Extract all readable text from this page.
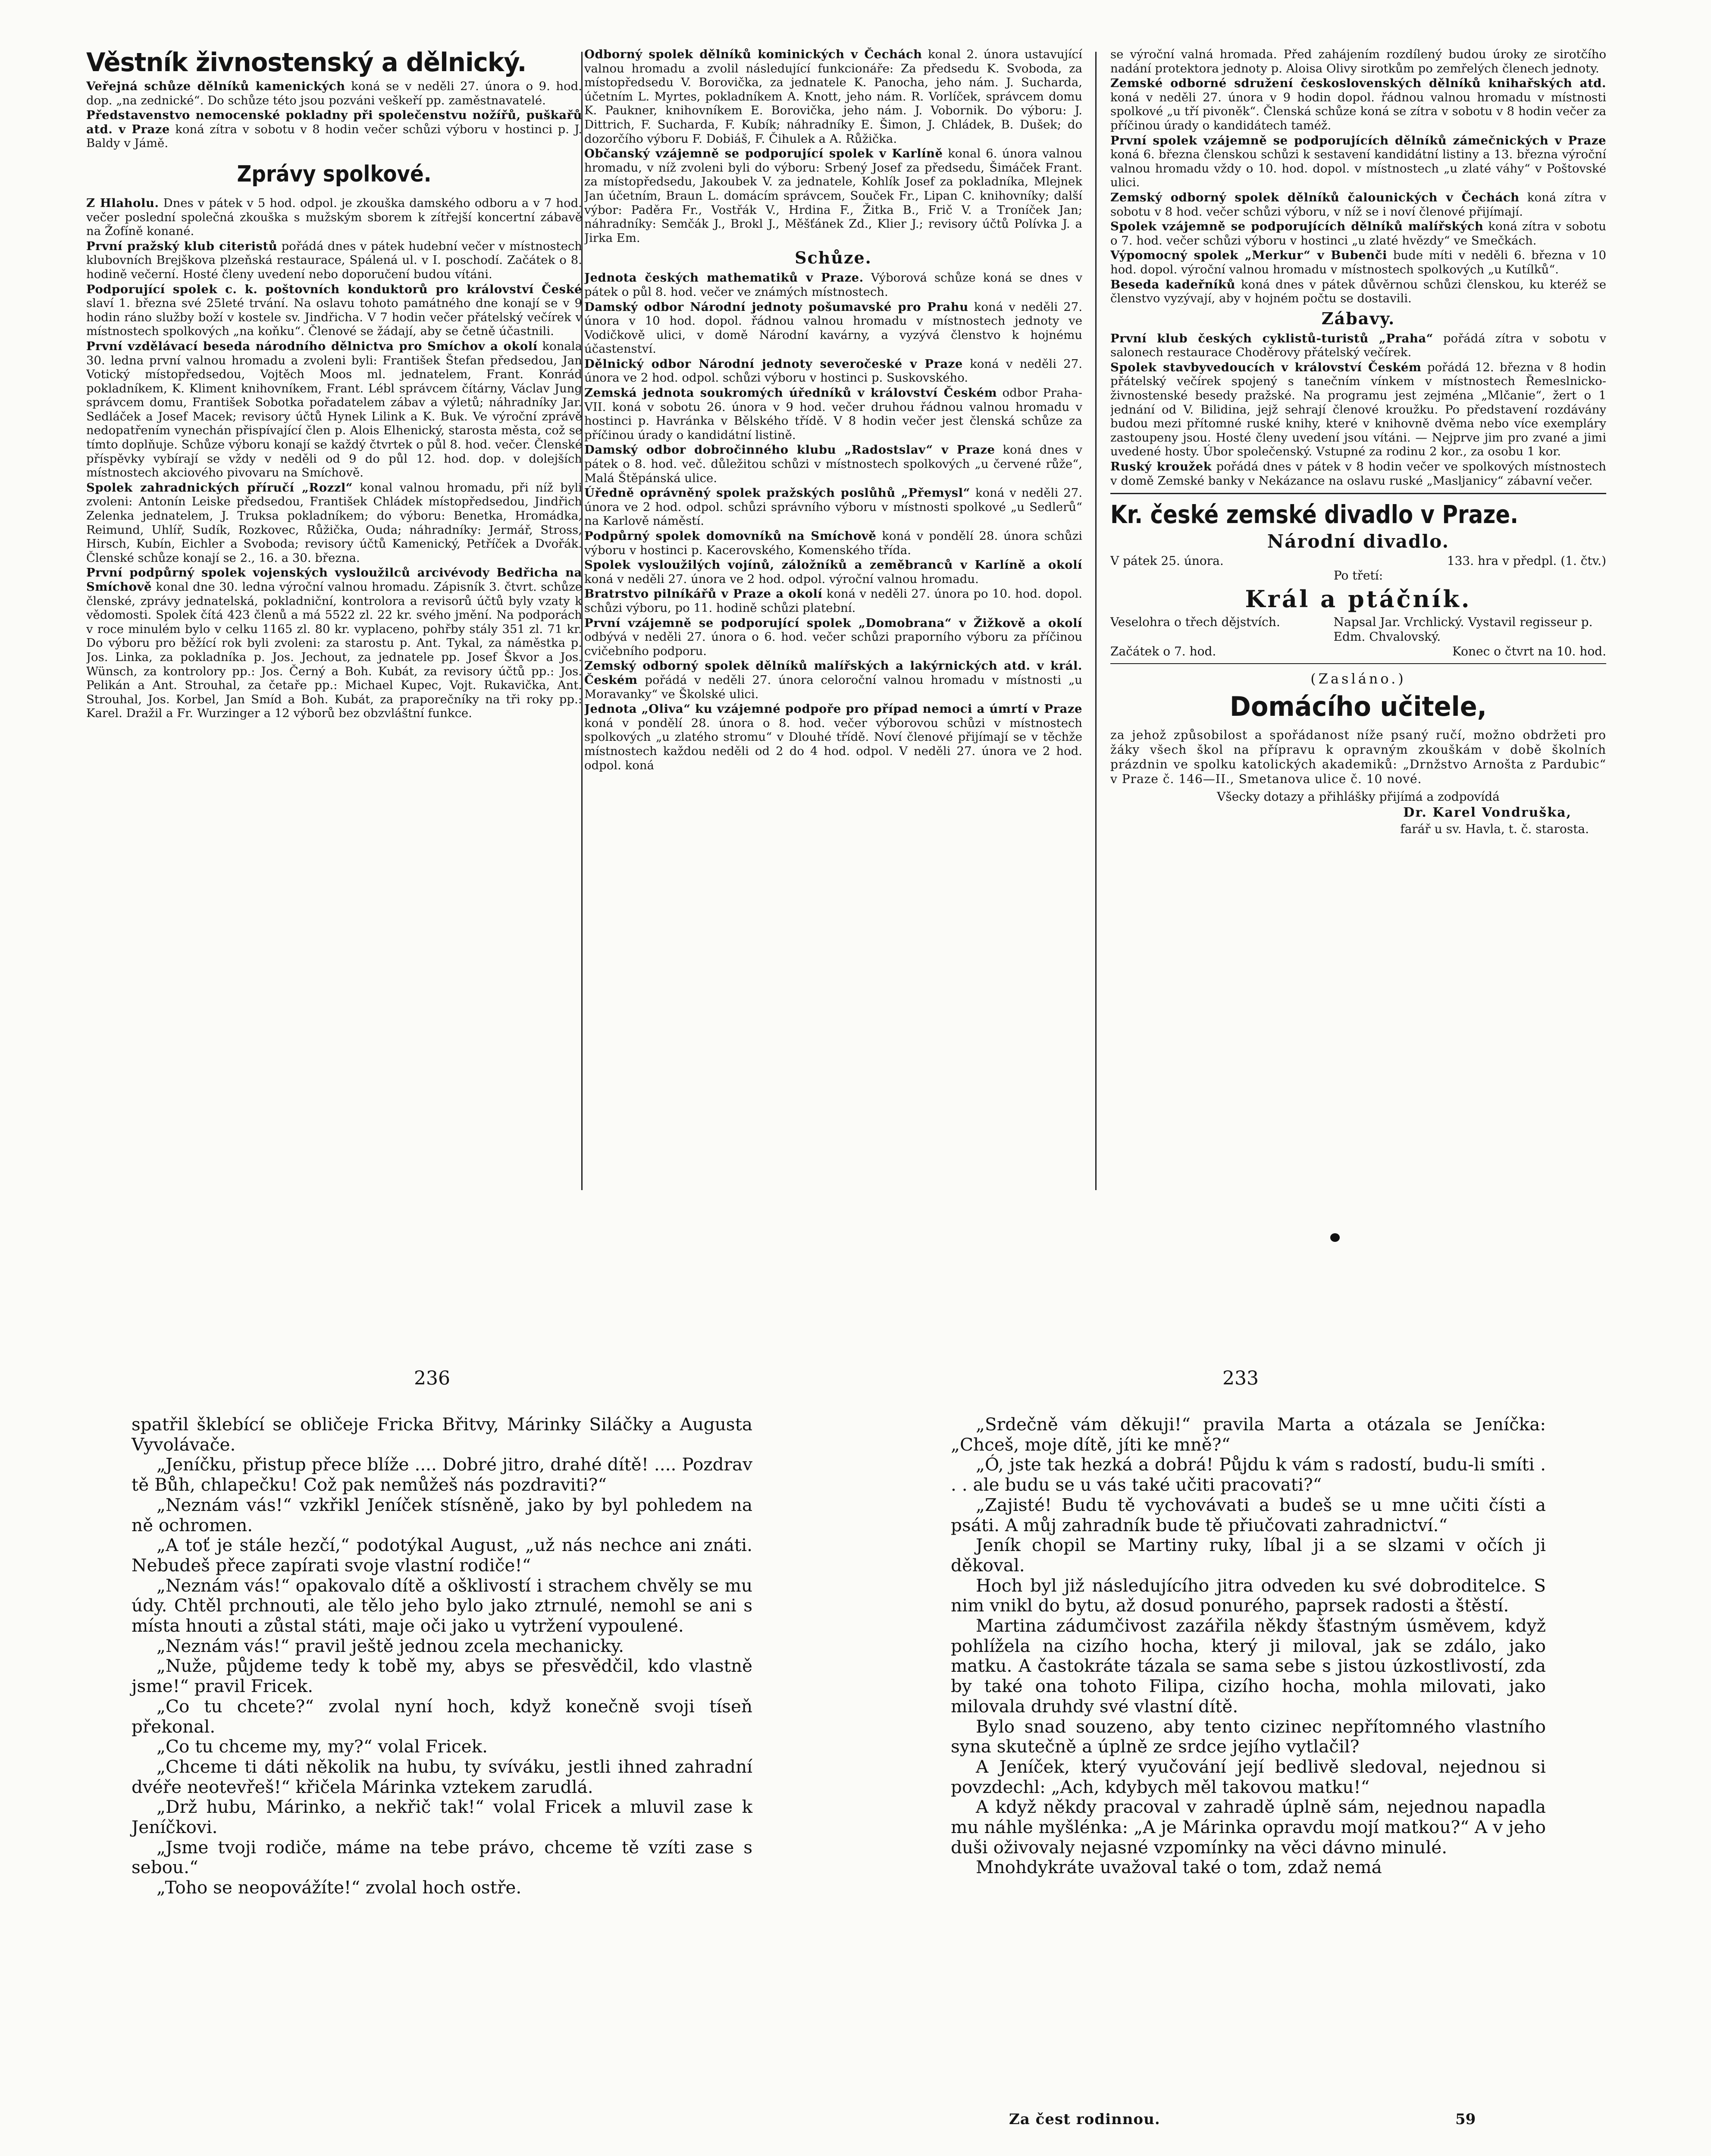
Věstník živnostenský a dělnický.

Veřejná schůze dělníků kamenických koná se v neděli 27. února o 9. hod. dop. „na zednické“. Do schůze této jsou pozváni veškeří pp. zaměstnavatelé.

Představenstvo nemocenské pokladny při společenstvu nožířů, puškařů atd. v Praze koná zítra v sobotu v 8 hodin večer schůzi výboru v hostinci p. J. Baldy v Jámě.

Zprávy spolkové.

Z Hlaholu. Dnes v pátek v 5 hod. odpol. je zkouška damského odboru a v 7 hod. večer poslední společná zkouška s mužským sborem k zítřejší koncertní zábavě na Žofíně konané.

První pražský klub citeristů pořádá dnes v pátek hudební večer v místnostech klubovních Brejškova plzeňská restaurace, Spálená ul. v I. poschodí. Začátek o 8. hodině večerní. Hosté členy uvedení nebo doporučení budou vítáni.

Podporující spolek c. k. poštovních konduktorů pro království České slaví 1. března své 25leté trvání. Na oslavu tohoto památného dne konají se v 9 hodin ráno služby boží v kostele sv. Jindřicha. V 7 hodin večer přátelský večírek v místnostech spolkových „na koňku“. Členové se žádají, aby se četně účastnili.

První vzdělávací beseda národního dělnictva pro Smíchov a okolí konala 30. ledna první valnou hromadu a zvoleni byli: František Štefan předsedou, Jan Votický místopředsedou, Vojtěch Moos ml. jednatelem, Frant. Konrád pokladníkem, K. Kliment knihovníkem, Frant. Lébl správcem čítárny, Václav Jung správcem domu, František Sobotka pořadatelem zábav a výletů; náhradníky Jar. Sedláček a Josef Macek; revisory účtů Hynek Lilink a K. Buk. Ve výroční zprávě nedopatřením vynechán přispívající člen p. Alois Elhenický, starosta města, což se tímto doplňuje. Schůze výboru konají se každý čtvrtek o půl 8. hod. večer. Členské příspěvky vybírají se vždy v neděli od 9 do půl 12. hod. dop. v dolejších místnostech akciového pivovaru na Smíchově.

Spolek zahradnických příručí „Rozzl“ konal valnou hromadu, při níž byli zvoleni: Antonín Leiske předsedou, František Chládek místopředsedou, Jindřich Zelenka jednatelem, J. Truksa pokladníkem; do výboru: Benetka, Hromádka, Reimund, Uhlíř, Sudík, Rozkovec, Růžička, Ouda; náhradníky: Jermář, Stross, Hirsch, Kubín, Eichler a Svoboda; revisory účtů Kamenický, Petříček a Dvořák. Členské schůze konají se 2., 16. a 30. března.

První podpůrný spolek vojenských vysloužilců arcivévody Bedřicha na Smíchově konal dne 30. ledna výroční valnou hromadu. Zápisník 3. čtvrt. schůze členské, zprávy jednatelská, pokladniční, kontrolora a revisorů účtů byly vzaty k vědomosti. Spolek čítá 423 členů a má 5522 zl. 22 kr. svého jmění. Na podporách v roce minulém bylo v celku 1165 zl. 80 kr. vyplaceno, pohřby stály 351 zl. 71 kr. Do výboru pro běžící rok byli zvoleni: za starostu p. Ant. Tykal, za náměstka p. Jos. Linka, za pokladníka p. Jos. Jechout, za jednatele pp. Josef Škvor a Jos. Wünsch, za kontrolory pp.: Jos. Černý a Boh. Kubát, za revisory účtů pp.: Jos. Pelikán a Ant. Strouhal, za četaře pp.: Michael Kupec, Vojt. Rukavička, Ant. Strouhal, Jos. Korbel, Jan Smíd a Boh. Kubát, za praporečníky na tři roky pp.: Karel. Dražil a Fr. Wurzinger a 12 výborů bez obzvláštní funkce.

Odborný spolek dělníků kominických v Čechách konal 2. února ustavující valnou hromadu a zvolil následující funkcionáře: Za předsedu K. Svoboda, za místopředsedu V. Borovička, za jednatele K. Panocha, jeho nám. J. Sucharda, účetním L. Myrtes, pokladníkem A. Knott, jeho nám. R. Vorlíček, správcem domu K. Paukner, knihovníkem E. Borovička, jeho nám. J. Vobornik. Do výboru: J. Dittrich, F. Sucharda, F. Kubík; náhradníky E. Šimon, J. Chládek, B. Dušek; do dozorčího výboru F. Dobiáš, F. Čihulek a A. Růžička.

Občanský vzájemně se podporující spolek v Karlíně konal 6. února valnou hromadu, v níž zvoleni byli do výboru: Srbený Josef za předsedu, Šimáček Frant. za místopředsedu, Jakoubek V. za jednatele, Kohlík Josef za pokladníka, Mlejnek Jan účetním, Braun L. domácím správcem, Souček Fr., Lipan C. knihovníky; další výbor: Paděra Fr., Vostřák V., Hrdina F., Žitka B., Frič V. a Troníček Jan; náhradníky: Semčák J., Brokl J., Měšťánek Zd., Klier J.; revisory účtů Polívka J. a Jirka Em.

Schůze.

Jednota českých mathematiků v Praze. Výborová schůze koná se dnes v pátek o půl 8. hod. večer ve známých místnostech.

Damský odbor Národní jednoty pošumavské pro Prahu koná v neděli 27. února v 10 hod. dopol. řádnou valnou hromadu v místnostech jednoty ve Vodičkově ulici, v domě Národní kavárny, a vyzývá členstvo k hojnému účastenství.

Dělnický odbor Národní jednoty severočeské v Praze koná v neděli 27. února ve 2 hod. odpol. schůzi výboru v hostinci p. Suskovského.

Zemská jednota soukromých úředníků v království Českém odbor Praha-VII. koná v sobotu 26. února v 9 hod. večer druhou řádnou valnou hromadu v hostinci p. Havránka v Bělského třídě. V 8 hodin večer jest členská schůze za příčinou úrady o kandidátní listině.

Damský odbor dobročinného klubu „Radostslav“ v Praze koná dnes v pátek o 8. hod. več. důležitou schůzi v místnostech spolkových „u červené růže“, Malá Štěpánská ulice.

Úředně oprávněný spolek pražských poslůhů „Přemysl“ koná v neděli 27. února ve 2 hod. odpol. schůzi správního výboru v místnosti spolkové „u Sedlerů“ na Karlově náměstí.

Podpůrný spolek domovníků na Smíchově koná v pondělí 28. února schůzi výboru v hostinci p. Kacerovského, Komenského třída.

Spolek vysloužilých vojínů, záložníků a zeměbranců v Karlíně a okolí koná v neděli 27. února ve 2 hod. odpol. výroční valnou hromadu.

Bratrstvo pilníkářů v Praze a okolí koná v neděli 27. února po 10. hod. dopol. schůzi výboru, po 11. hodině schůzi platební.

První vzájemně se podporující spolek „Domobrana“ v Žižkově a okolí odbývá v neděli 27. února o 6. hod. večer schůzi praporního výboru za příčinou cvičebního podporu.

Zemský odborný spolek dělníků malířských a lakýrnických atd. v král. Českém pořádá v neděli 27. února celoroční valnou hromadu v místnosti „u Moravanky“ ve Školské ulici.

Jednota „Oliva“ ku vzájemné podpoře pro případ nemoci a úmrtí v Praze koná v pondělí 28. února o 8. hod. večer výborovou schůzi v místnostech spolkových „u zlatého stromu“ v Dlouhé třídě. Noví členové přijímají se v těchže místnostech každou neděli od 2 do 4 hod. odpol. V neděli 27. února ve 2 hod. odpol. koná

se výroční valná hromada. Před zahájením rozdílený budou úroky ze sirotčího nadání protektora jednoty p. Aloisa Olivy sirotkům po zemřelých členech jednoty.

Zemské odborné sdružení československých dělníků knihařských atd. koná v neděli 27. února v 9 hodin dopol. řádnou valnou hromadu v místnosti spolkové „u tří pivoněk“. Členská schůze koná se zítra v sobotu v 8 hodin večer za příčinou úrady o kandidátech taméž.

První spolek vzájemně se podporujících dělníků zámečnických v Praze koná 6. března členskou schůzi k sestavení kandidátní listiny a 13. března výroční valnou hromadu vždy o 10. hod. dopol. v místnostech „u zlaté váhy“ v Poštovské ulici.

Zemský odborný spolek dělníků čalounických v Čechách koná zítra v sobotu v 8 hod. večer schůzi výboru, v níž se i noví členové přijímají.

Spolek vzájemně se podporujících dělníků malířských koná zítra v sobotu o 7. hod. večer schůzi výboru v hostinci „u zlaté hvězdy“ ve Smečkách.

Výpomocný spolek „Merkur“ v Bubenči bude míti v neděli 6. března v 10 hod. dopol. výroční valnou hromadu v místnostech spolkových „u Kutílků“.

Beseda kadeřníků koná dnes v pátek důvěrnou schůzi členskou, ku kteréž se členstvo vyzývají, aby v hojném počtu se dostavili.

Zábavy.

První klub českých cyklistů-turistů „Praha“ pořádá zítra v sobotu v salonech restaurace Choděrovy přátelský večírek.

Spolek stavbyvedoucích v království Českém pořádá 12. března v 8 hodin přátelský večírek spojený s tanečním vínkem v místnostech Řemeslnicko-živnostenské besedy pražské. Na programu jest zejména „Mlčanie“, žert o 1 jednání od V. Bilidina, jejž sehrají členové kroužku. Po představení rozdávány budou mezi přítomné ruské knihy, které v knihovně dvěma nebo více exempláry zastoupeny jsou. Hosté členy uvedení jsou vítáni. — Nejprve jim pro zvané a jimi uvedené hosty. Úbor společenský. Vstupné za rodinu 2 kor., za osobu 1 kor.

Ruský kroužek pořádá dnes v pátek v 8 hodin večer ve spolkových místnostech v domě Zemské banky v Nekázance na oslavu ruské „Masljanicy“ zábavní večer.

Kr. české zemské divadlo v Praze.
Národní divadlo.
V pátek 25. února.	133. hra v předpl. (1. čtv.)
Po třetí:
Král a ptáčník.
Veselohra o třech dějstvích.	Napsal Jar. Vrchlický. Vystavil regisseur p. Edm. Chvalovský.
Začátek o 7. hod.	Konec o čtvrt na 10. hod.
(Zasláno.)
Domácího učitele,

za jehož způsobilost a spořádanost níže psaný ručí, možno obdržeti pro žáky všech škol na přípravu k opravným zkouškám v době školních prázdnin ve spolku katolických akademiků: „Drnžstvo Arnošta z Pardubic“ v Praze č. 146—II., Smetanova ulice č. 10 nové.

Všecky dotazy a přihlášky přijímá a zodpovídá

Dr. Karel Vondruška,

farář u sv. Havla, t. č. starosta.

236	233

spatřil šklebící se obličeje Fricka Břitvy, Márinky Siláčky a Augusta Vyvolávače.

„Jeníčku, přistup přece blíže .... Dobré jitro, drahé dítě! .... Pozdrav tě Bůh, chlapečku! Což pak nemůžeš nás pozdraviti?“

„Neznám vás!“ vzkřikl Jeníček stísněně, jako by byl pohledem na ně ochromen.

„A toť je stále hezčí,“ podotýkal August, „už nás nechce ani znáti. Nebudeš přece zapírati svoje vlastní rodiče!“

„Neznám vás!“ opakovalo dítě a ošklivostí i strachem chvěly se mu údy. Chtěl prchnouti, ale tělo jeho bylo jako ztrnulé, nemohl se ani s místa hnouti a zůstal státi, maje oči jako u vytržení vypoulené.

„Neznám vás!“ pravil ještě jednou zcela mechanicky.

„Nuže, půjdeme tedy k tobě my, abys se přesvědčil, kdo vlastně jsme!“ pravil Fricek.

„Co tu chcete?“ zvolal nyní hoch, když konečně svoji tíseň překonal.

„Co tu chceme my, my?“ volal Fricek.

„Chceme ti dáti několik na hubu, ty svíváku, jestli ihned zahradní dvéře neotevřeš!“ křičela Márinka vztekem zarudlá.

„Drž hubu, Márinko, a nekřič tak!“ volal Fricek a mluvil zase k Jeníčkovi.

„Jsme tvoji rodiče, máme na tebe právo, chceme tě vzíti zase s sebou.“

„Toho se neopovážíte!“ zvolal hoch ostře.

„Srdečně vám děkuji!“ pravila Marta a otázala se Jeníčka: „Chceš, moje dítě, jíti ke mně?“

„Ó, jste tak hezká a dobrá! Půjdu k vám s radostí, budu-li smíti . . . ale budu se u vás také učiti pracovati?“

„Zajisté! Budu tě vychovávati a budeš se u mne učiti čísti a psáti. A můj zahradník bude tě přiučovati zahradnictví.“

Jeník chopil se Martiny ruky, líbal ji a se slzami v očích ji děkoval.

Hoch byl již následujícího jitra odveden ku své dobroditelce. S nim vnikl do bytu, až dosud ponurého, paprsek radosti a štěstí.

Martina zádumčivost zazářila někdy šťastným úsměvem, když pohlížela na cizího hocha, který ji miloval, jak se zdálo, jako matku. A častokráte tázala se sama sebe s jistou úzkostlivostí, zda by také ona tohoto Filipa, cizího hocha, mohla milovati, jako milovala druhdy své vlastní dítě.

Bylo snad souzeno, aby tento cizinec nepřítomného vlastního syna skutečně a úplně ze srdce jejího vytlačil?

A Jeníček, který vyučování její bedlivě sledoval, nejednou si povzdechl: „Ach, kdybych měl takovou matku!“

A když někdy pracoval v zahradě úplně sám, nejednou napadla mu náhle myšlénka: „A je Márinka opravdu mojí matkou?“ A v jeho duši oživovaly nejasné vzpomínky na věci dávno minulé.

Mnohdykráte uvažoval také o tom, zdaž nemá

Za čest rodinnou.	59
